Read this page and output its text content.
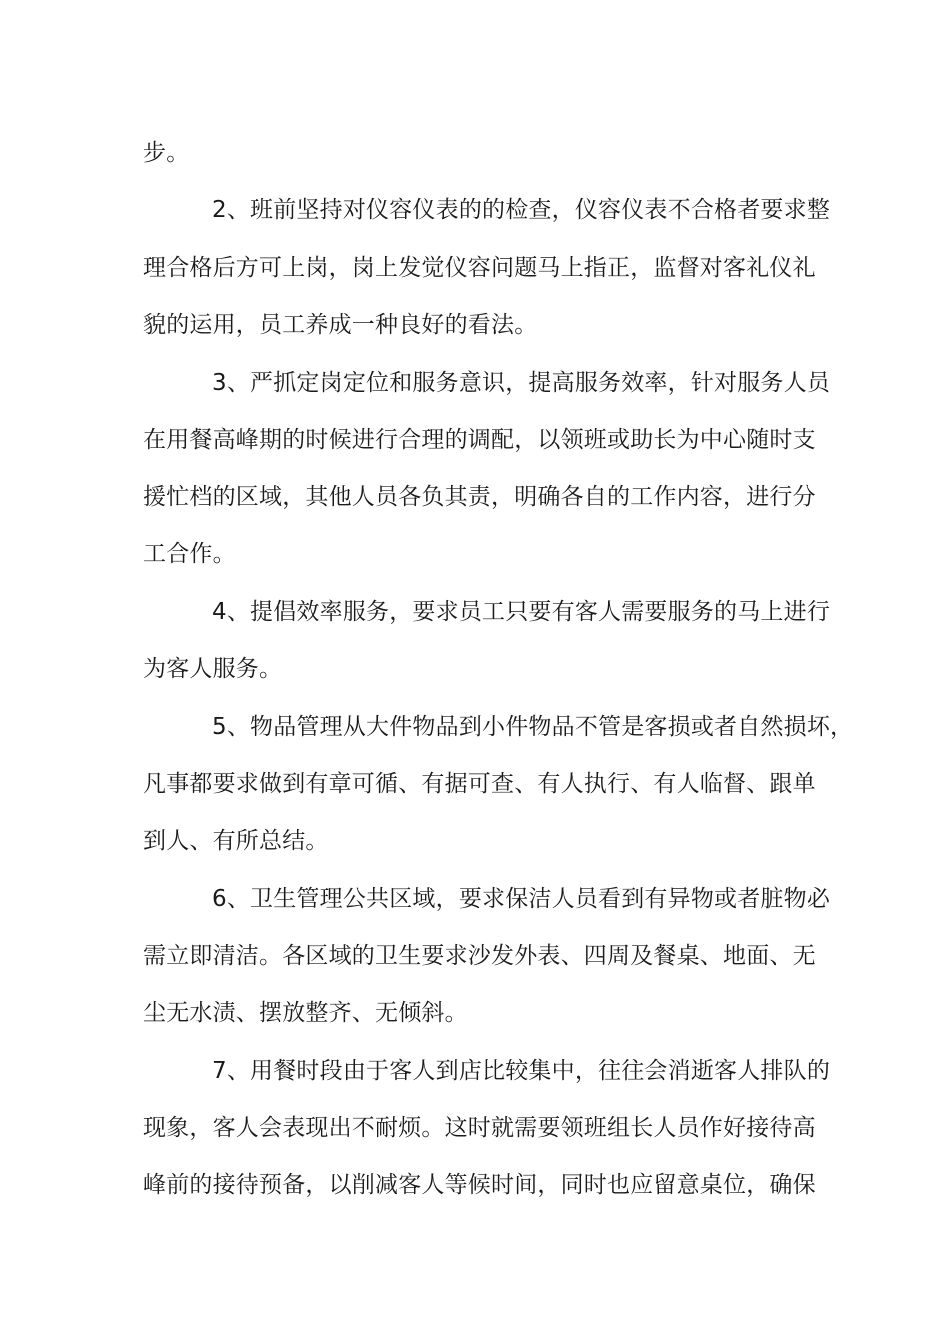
步。
2、班前坚持对仪容仪表的的检查，仪容仪表不合格者要求整
理合格后方可上岗，岗上发觉仪容问题马上指正，监督对客礼仪礼
貌的运用，员工养成一种良好的看法。
3、严抓定岗定位和服务意识，提高服务效率，针对服务人员
在用餐高峰期的时候进行合理的调配，以领班或助长为中心随时支
援忙档的区域，其他人员各负其责，明确各自的工作内容，进行分
工合作。
4、提倡效率服务，要求员工只要有客人需要服务的马上进行
为客人服务。
5、物品管理从大件物品到小件物品不管是客损或者自然损坏，
凡事都要求做到有章可循、有据可查、有人执行、有人临督、跟单
到人、有所总结。
6、卫生管理公共区域，要求保洁人员看到有异物或者脏物必
需立即清洁。各区域的卫生要求沙发外表、四周及餐桌、地面、无
尘无水渍、摆放整齐、无倾斜。
7、用餐时段由于客人到店比较集中，往往会消逝客人排队的
现象，客人会表现出不耐烦。这时就需要领班组长人员作好接待高
峰前的接待预备，以削减客人等候时间，同时也应留意桌位，确保
